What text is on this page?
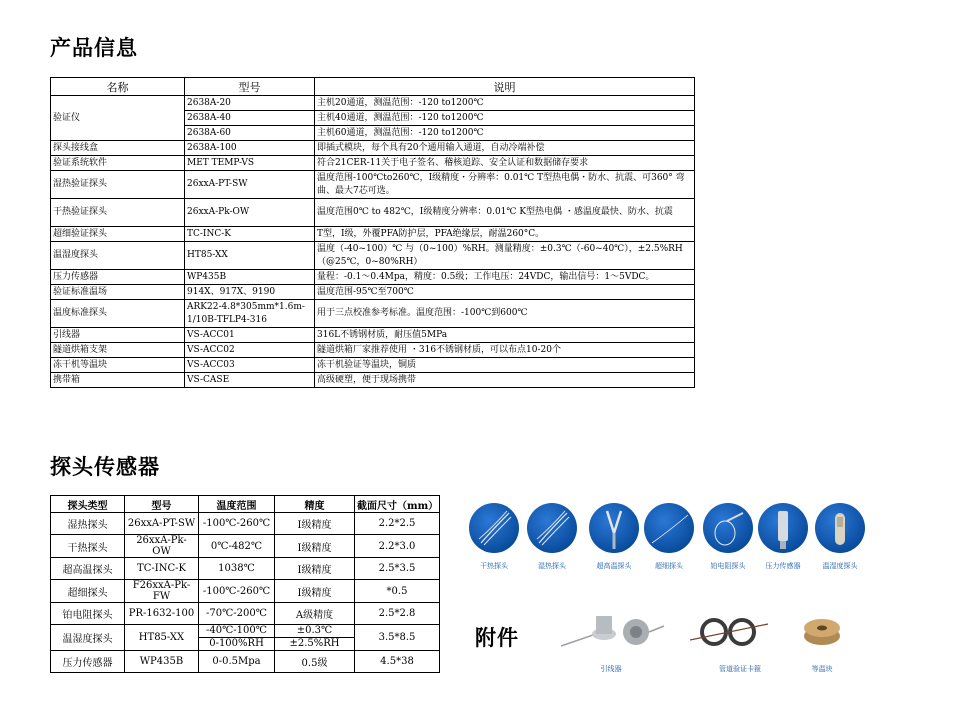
产品信息
名称	型号	说明
验证仪	2638A-20	主机20通道，测温范围：-120 to1200℃
	2638A-40	主机40通道，测温范围：-120 to1200℃
	2638A-60	主机60通道，测温范围：-120 to1200℃
探头接线盒	2638A-100	即插式模块，每个具有20个通用输入通道，自动冷端补偿
验证系统软件	MET TEMP-VS	符合21CER-11关于电子签名、稽核追踪、安全认证和数据储存要求
湿热验证探头	26xxA-PT-SW	温度范围-100℃to260℃，I级精度・分辨率：0.01℃ T型热电偶・防水、抗震、可360° 弯曲、最大7芯可选。
干热验证探头	26xxA-Pk-OW	温度范围0℃ to 482℃，I级精度分辨率：0.01℃ K型热电偶 ・感温度最快、防水、抗震
超细验证探头	TC-INC-K	T型，I级，外覆PFA防护层，PFA绝缘层，耐温260°C。
温湿度探头	HT85-XX	温度（-40~100）℃ 与（0~100）%RH。测量精度：±0.3℃（-60~40℃），±2.5%RH（@25℃，0~80%RH）
压力传感器	WP435B	量程：-0.1～0.4Mpa，精度：0.5级；工作电压：24VDC，输出信号：1～5VDC。
验证标准温场	914X、917X、9190	温度范围-95℃至700℃
温度标准探头	ARK22-4.8*305mm*1.6m-1/10B-TFLP4-316	用于三点校准参考标准。温度范围：-100℃到600℃
引线器	VS-ACC01	316L不锈钢材质，耐压值5MPa
隧道烘箱支架	VS-ACC02	隧道烘箱厂家推荐使用 ・316不锈钢材质，可以布点10-20个
冻干机等温块	VS-ACC03	冻干机验证等温块，铜质
携带箱	VS-CASE	高级硬塑，便于现场携带
探头传感器
探头类型	型号	温度范围	精度	截面尺寸（mm）
湿热探头	26xxA-PT-SW	-100℃-260℃	I级精度	2.2*2.5
干热探头	26xxA-Pk-OW	0℃-482℃	I级精度	2.2*3.0
超高温探头	TC-INC-K	1038℃	I级精度	2.5*3.5
超细探头	F26xxA-Pk-FW	-100℃-260℃	I级精度	*0.5
铂电阻探头	PR-1632-100	-70℃-200℃	A级精度	2.5*2.8
温湿度探头	HT85-XX	-40℃-100℃	±0.3℃	3.5*8.5
		0-100%RH	±2.5%RH	
压力传感器	WP435B	0-0.5Mpa	0.5级	4.5*38
干热探头	湿热探头	超高温探头	超细探头	铂电阻探头	压力传感器	温湿度探头
附件
引线器	管道验证卡箍	等温块
